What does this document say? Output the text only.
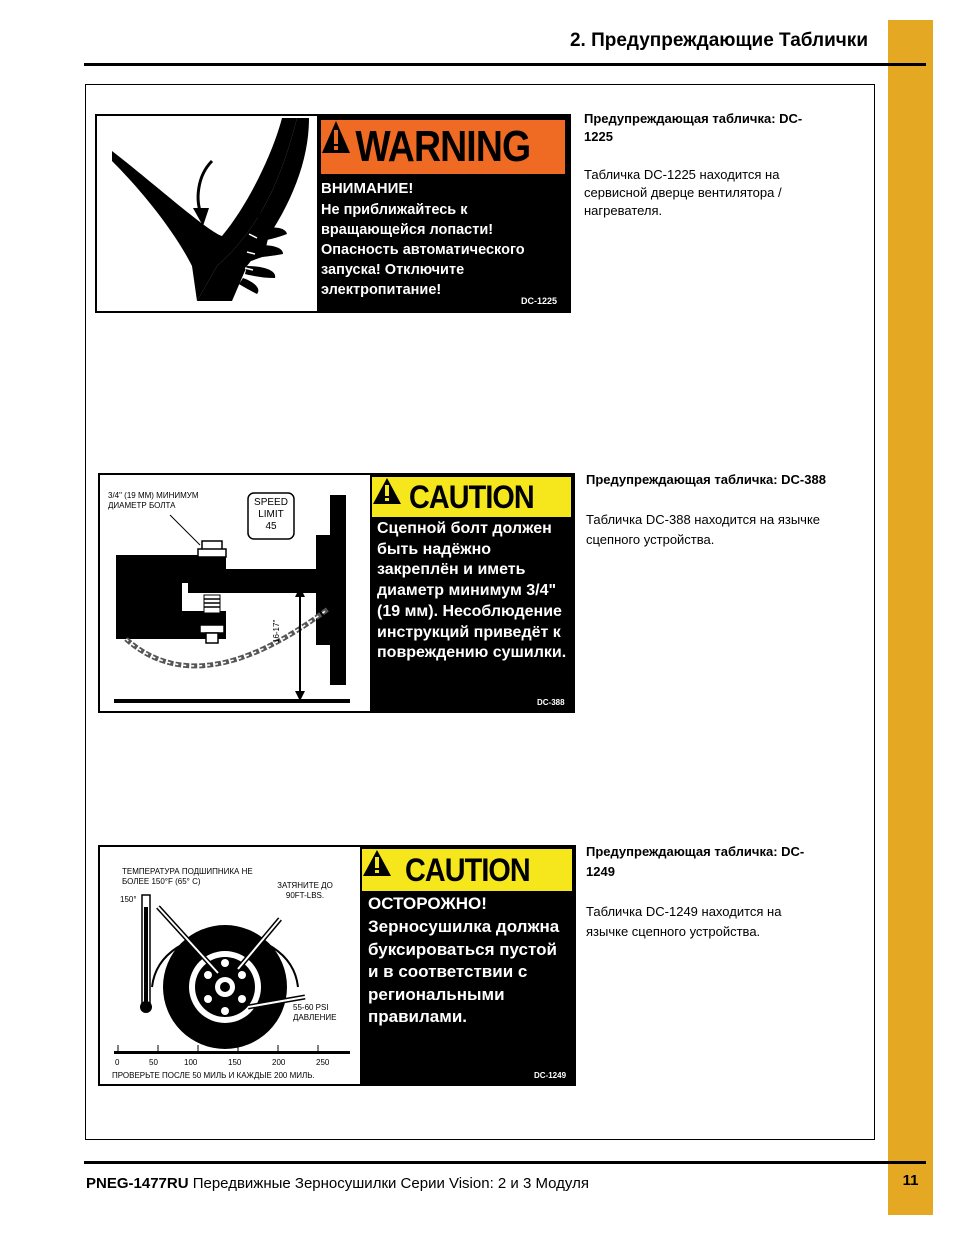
11
2. Предупреждающие Таблички
WARNING
ВНИМАНИЕ!
Не приближайтесь к вращающейся лопасти! Опасность автоматического запуска! Отключите электропитание!
DC-1225
Предупреждающая табличка: DC-1225
Табличка DC-1225 находится на сервисной дверце вентилятора / нагревателя.
3/4" (19 MM) МИНИМУМ ДИАМЕТР БОЛТА	SPEED
LIMIT
45
16-17"
CAUTION
Сцепной болт должен быть надёжно закреплён и иметь диаметр минимум 3/4" (19 мм). Несоблюдение инструкций приведёт к повреждению сушилки.
DC-388
Предупреждающая табличка: DC-388
Табличка DC-388 находится на язычке сцепного устройства.
ТЕМПЕРАТУРА ПОДШИПНИКА НЕ БОЛЕЕ 150°F (65° C)
150°
ЗАТЯНИТЕ ДО 90FT-LBS.
55-60 PSI ДАВЛЕНИЕ
0	50	100	150	200	250
ПРОВЕРЬТЕ ПОСЛЕ 50 МИЛЬ И КАЖДЫЕ 200 МИЛЬ.
CAUTION
ОСТОРОЖНО!
Зерносушилка должна буксироваться пустой и в соответствии с региональными правилами.
DC-1249
Предупреждающая табличка: DC-1249
Табличка DC-1249 находится на язычке сцепного устройства.
PNEG-1477RU Передвижные Зерносушилки Серии Vision: 2 и 3 Модуля
